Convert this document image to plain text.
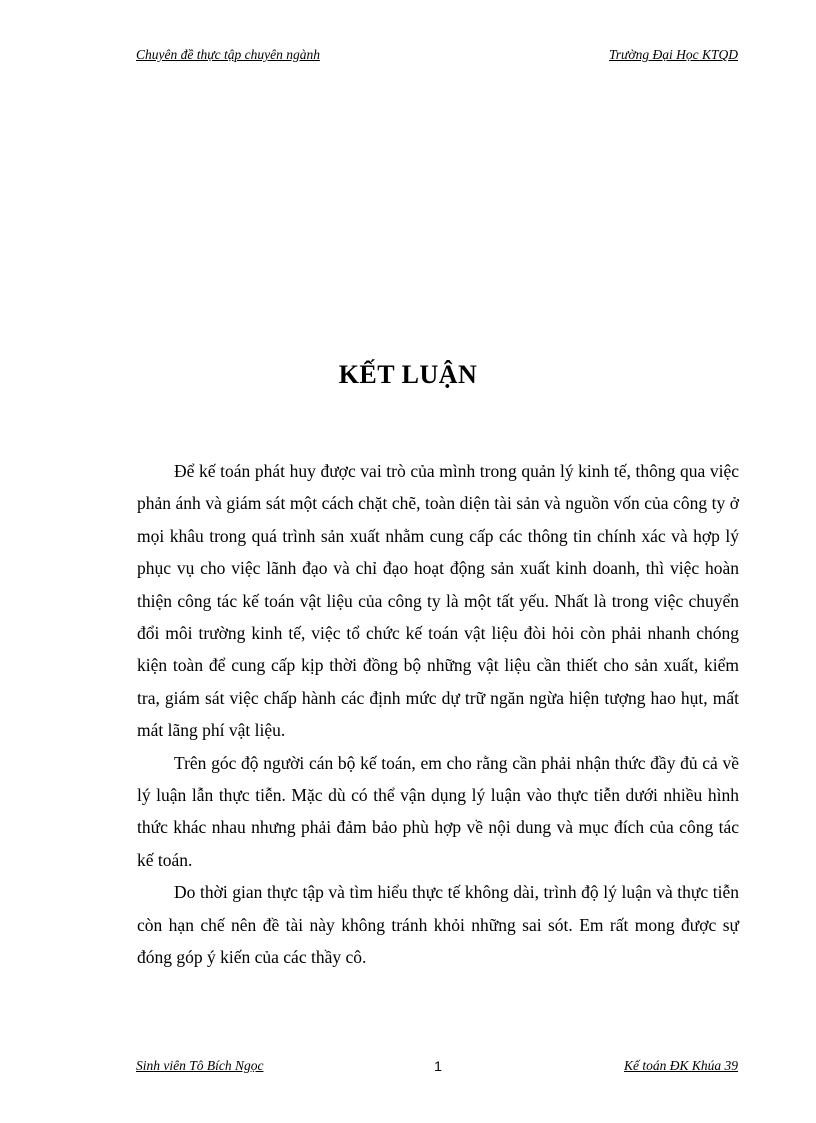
Chuyên đề thực tập chuyên ngành	Trường Đại Học KTQD
KẾT LUẬN

Để kế toán phát huy được vai trò của mình trong quản lý kinh tế, thông qua việc phản ánh và giám sát một cách chặt chẽ, toàn diện tài sản và nguồn vốn của công ty ở mọi khâu trong quá trình sản xuất nhằm cung cấp các thông tin chính xác và hợp lý phục vụ cho việc lãnh đạo và chỉ đạo hoạt động sản xuất kinh doanh, thì việc hoàn thiện công tác kế toán vật liệu của công ty là một tất yếu. Nhất là trong việc chuyển đổi môi trường kinh tế, việc tổ chức kế toán vật liệu đòi hỏi còn phải nhanh chóng kiện toàn để cung cấp kịp thời đồng bộ những vật liệu cần thiết cho sản xuất, kiểm tra, giám sát việc chấp hành các định mức dự trữ ngăn ngừa hiện tượng hao hụt, mất mát lãng phí vật liệu.

Trên góc độ người cán bộ kế toán, em cho rằng cần phải nhận thức đầy đủ cả về lý luận lẫn thực tiễn. Mặc dù có thể vận dụng lý luận vào thực tiễn dưới nhiều hình thức khác nhau nhưng phải đảm bảo phù hợp về nội dung và mục đích của công tác kế toán.

Do thời gian thực tập và tìm hiểu thực tế không dài, trình độ lý luận và thực tiễn còn hạn chế nên đề tài này không tránh khỏi những sai sót. Em rất mong được sự đóng góp ý kiến của các thầy cô.

Sinh viên Tô Bích Ngọc	1	Kế toán ĐK Khúa 39
